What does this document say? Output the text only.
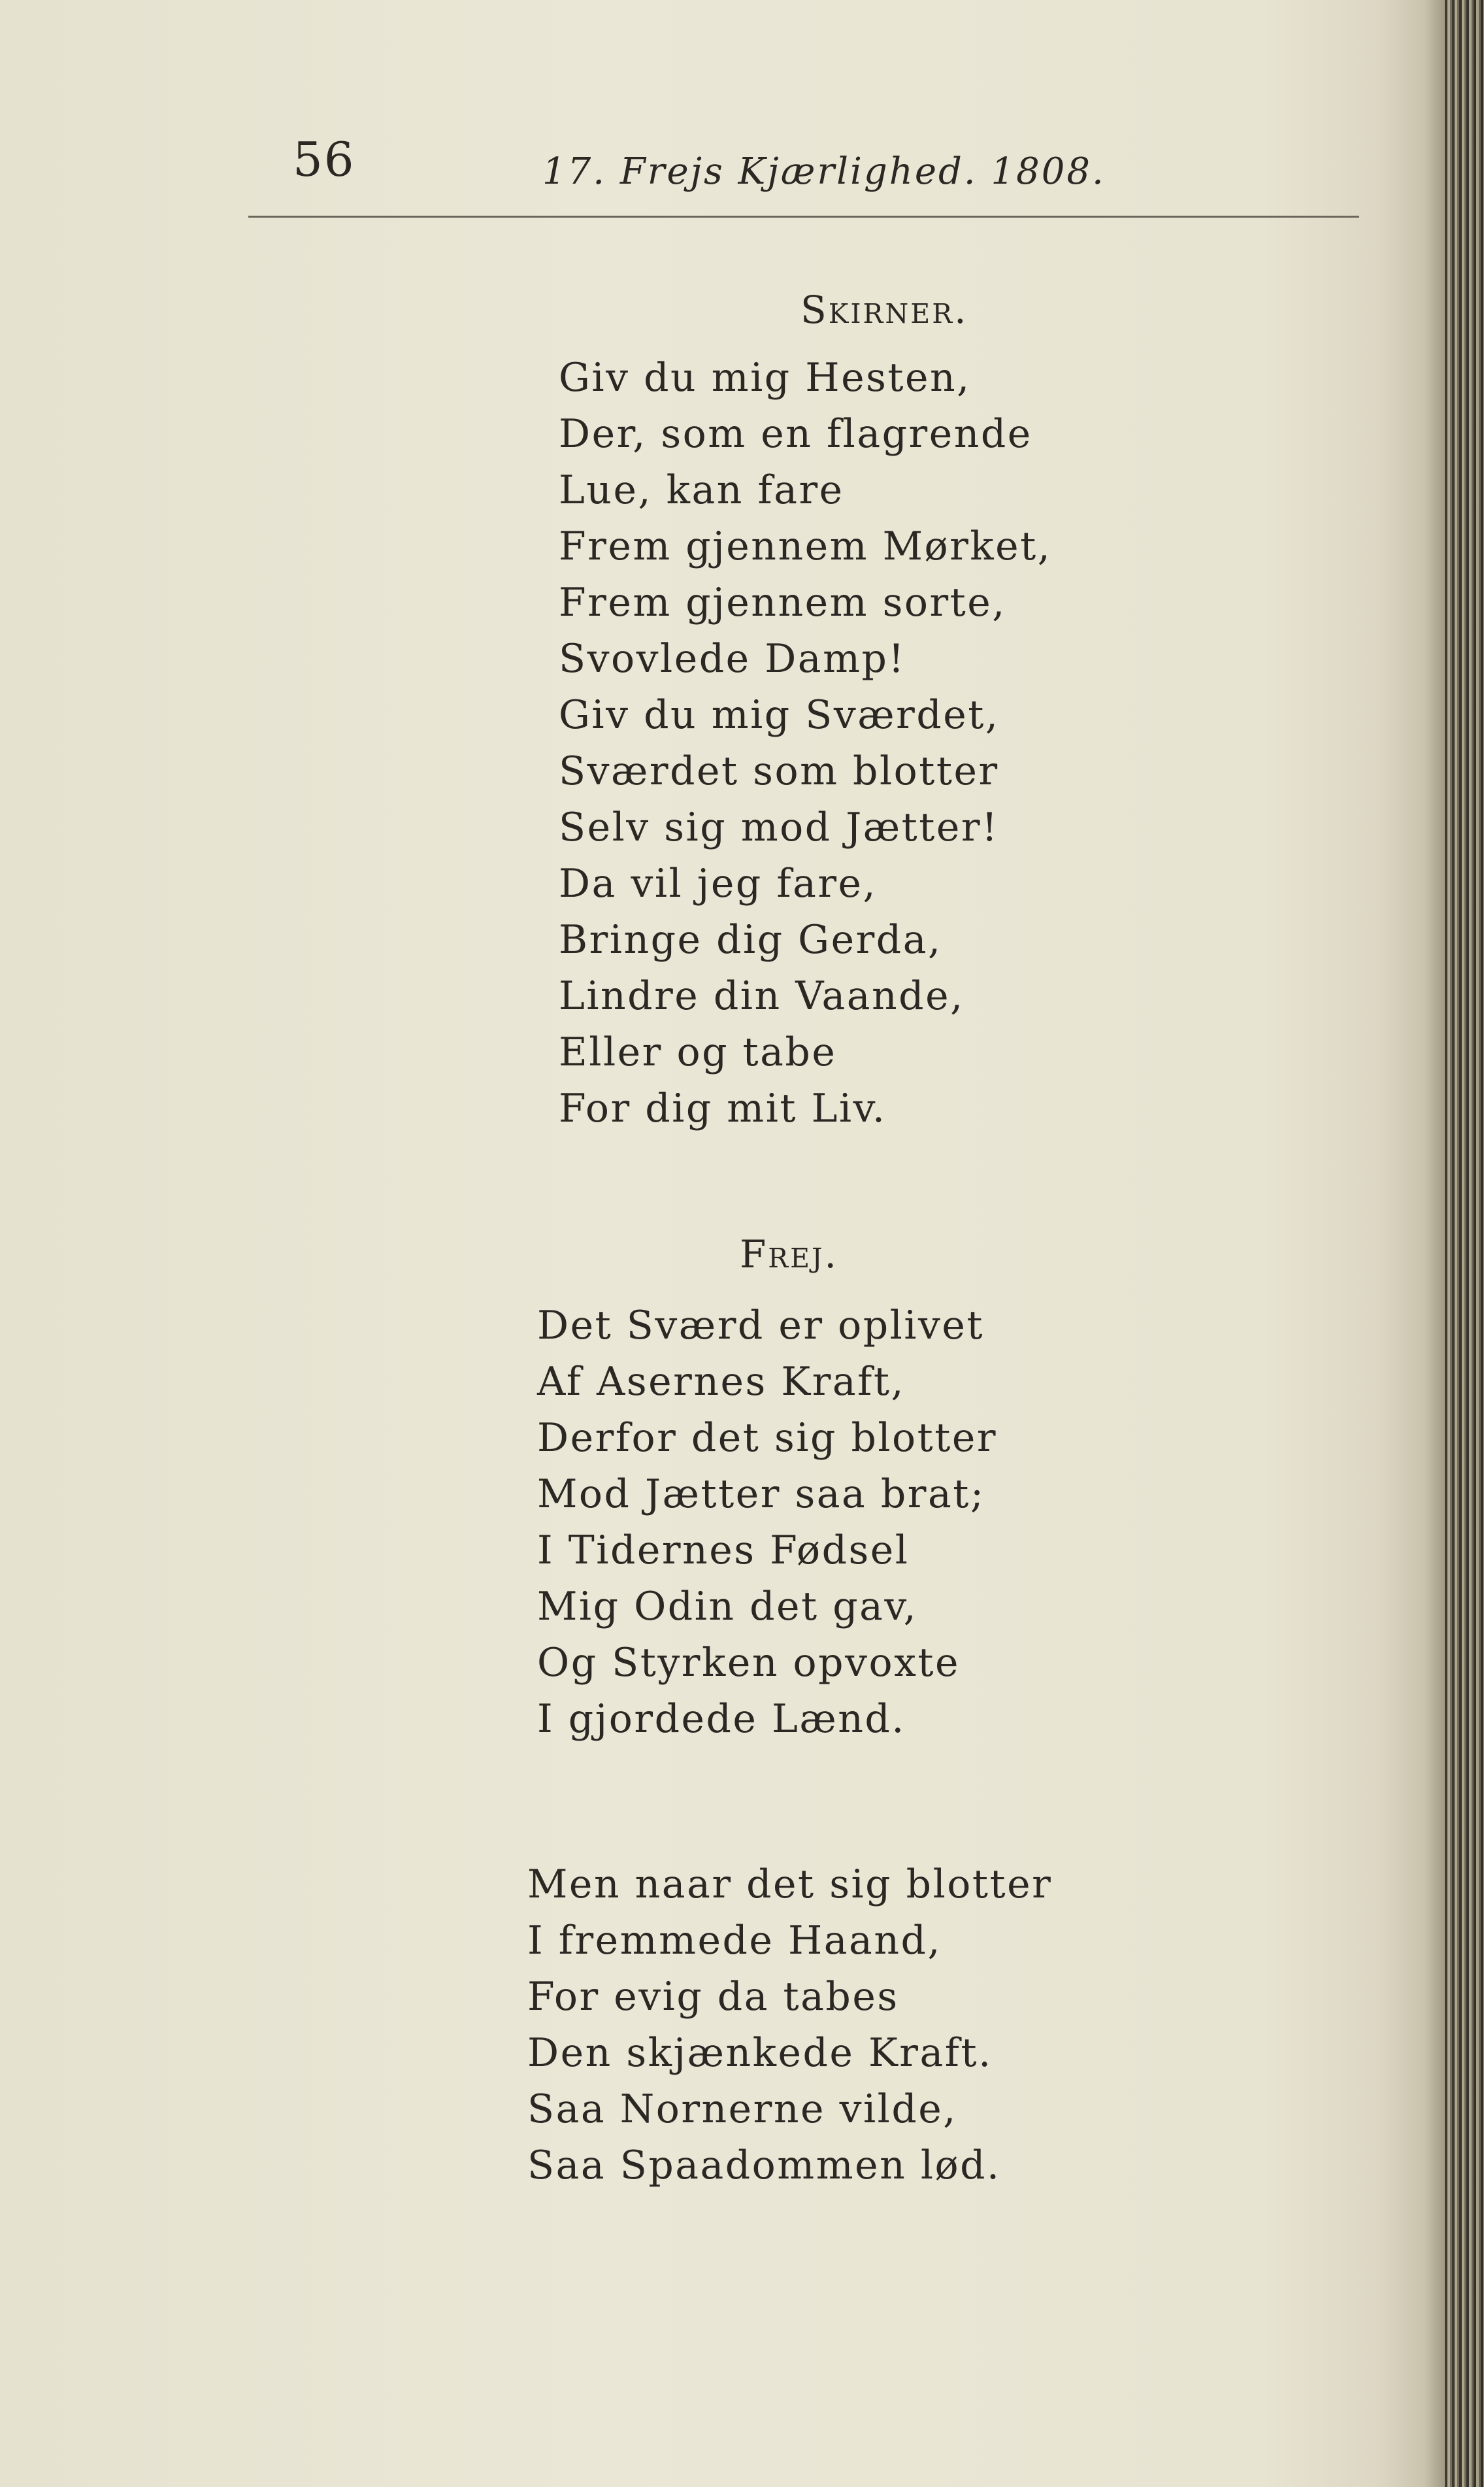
56	17. Frejs Kjærlighed. 1808.
Skirner.
Giv du mig Hesten,
Der, som en flagrende
Lue, kan fare
Frem gjennem Mørket,
Frem gjennem sorte,
Svovlede Damp!
Giv du mig Sværdet,
Sværdet som blotter
Selv sig mod Jætter!
Da vil jeg fare,
Bringe dig Gerda,
Lindre din Vaande,
Eller og tabe
For dig mit Liv.
Frej.
Det Sværd er oplivet
Af Asernes Kraft,
Derfor det sig blotter
Mod Jætter saa brat;
I Tidernes Fødsel
Mig Odin det gav,
Og Styrken opvoxte
I gjordede Lænd.
Men naar det sig blotter
I fremmede Haand,
For evig da tabes
Den skjænkede Kraft.
Saa Nornerne vilde,
Saa Spaadommen lød.
